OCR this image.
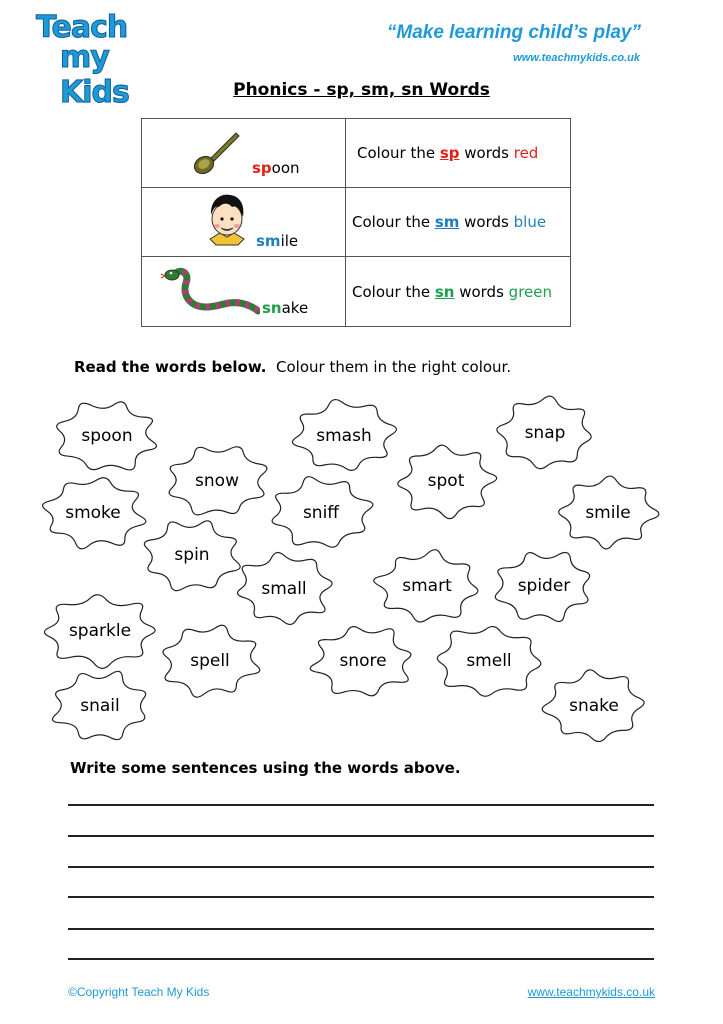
Teach
my Kids
“Make learning child’s play”
www.teachmykids.co.uk
Phonics - sp, sm, sn Words
spoon
Colour the sp words red
smile
Colour the sm words blue
snake
Colour the sn words green
Read the words below. Colour them in the right colour.
spoon	smash	snap
snow	spot
smoke	sniff	smile
spin
small	smart	spider
sparkle
spell	snore	smell
snail	snake
Write some sentences using the words above.
©Copyright Teach My Kids	www.teachmykids.co.uk
